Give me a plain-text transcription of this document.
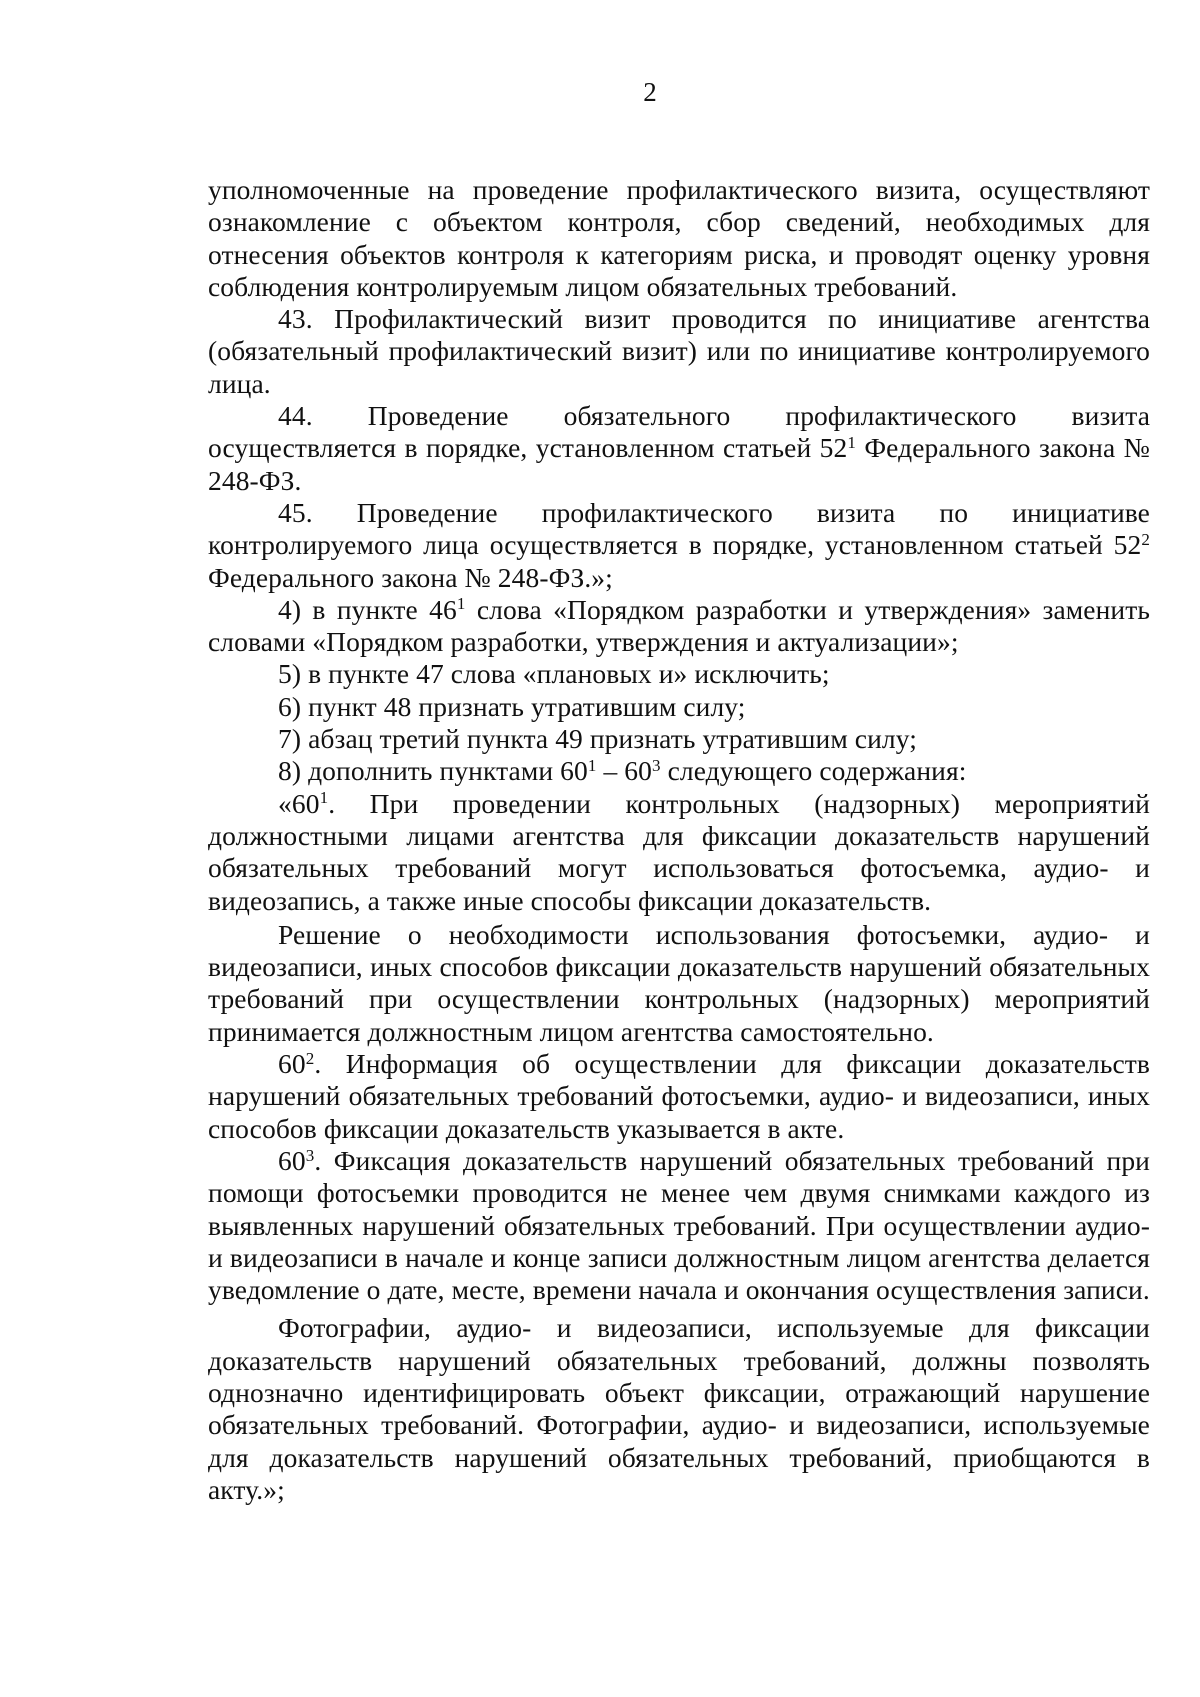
2

уполномоченные на проведение профилактического визита, осуществляют ознакомление с объектом контроля, сбор сведений, необходимых для отнесения объектов контроля к категориям риска, и проводят оценку уровня соблюдения контролируемым лицом обязательных требований.

43. Профилактический визит проводится по инициативе агентства (обязательный профилактический визит) или по инициативе контролируемого лица.

44. Проведение обязательного профилактического визита осуществляется в порядке, установленном статьей $52^1$ Федерального закона № 248-ФЗ.

45. Проведение профилактического визита по инициативе контролируемого лица осуществляется в порядке, установленном статьей $52^2$ Федерального закона № 248-ФЗ.»;

4) в пункте $46^1$ слова «Порядком разработки и утверждения» заменить словами «Порядком разработки, утверждения и актуализации»;

5) в пункте 47 слова «плановых и» исключить;

6) пункт 48 признать утратившим силу;

7) абзац третий пункта 49 признать утратившим силу;

8) дополнить пунктами $60^1 - 60^3$ следующего содержания:

«$60^1$. При проведении контрольных (надзорных) мероприятий должностными лицами агентства для фиксации доказательств нарушений обязательных требований могут использоваться фотосъемка, аудио- и видеозапись, а также иные способы фиксации доказательств.

Решение о необходимости использования фотосъемки, аудио- и видеозаписи, иных способов фиксации доказательств нарушений обязательных требований при осуществлении контрольных (надзорных) мероприятий принимается должностным лицом агентства самостоятельно.

$60^2$. Информация об осуществлении для фиксации доказательств нарушений обязательных требований фотосъемки, аудио- и видеозаписи, иных способов фиксации доказательств указывается в акте.

$60^3$. Фиксация доказательств нарушений обязательных требований при помощи фотосъемки проводится не менее чем двумя снимками каждого из выявленных нарушений обязательных требований. При осуществлении аудио- и видеозаписи в начале и конце записи должностным лицом агентства делается уведомление о дате, месте, времени начала и окончания осуществления записи.

Фотографии, аудио- и видеозаписи, используемые для фиксации доказательств нарушений обязательных требований, должны позволять однозначно идентифицировать объект фиксации, отражающий нарушение обязательных требований. Фотографии, аудио- и видеозаписи, используемые для доказательств нарушений обязательных требований, приобщаются в акту.»;
